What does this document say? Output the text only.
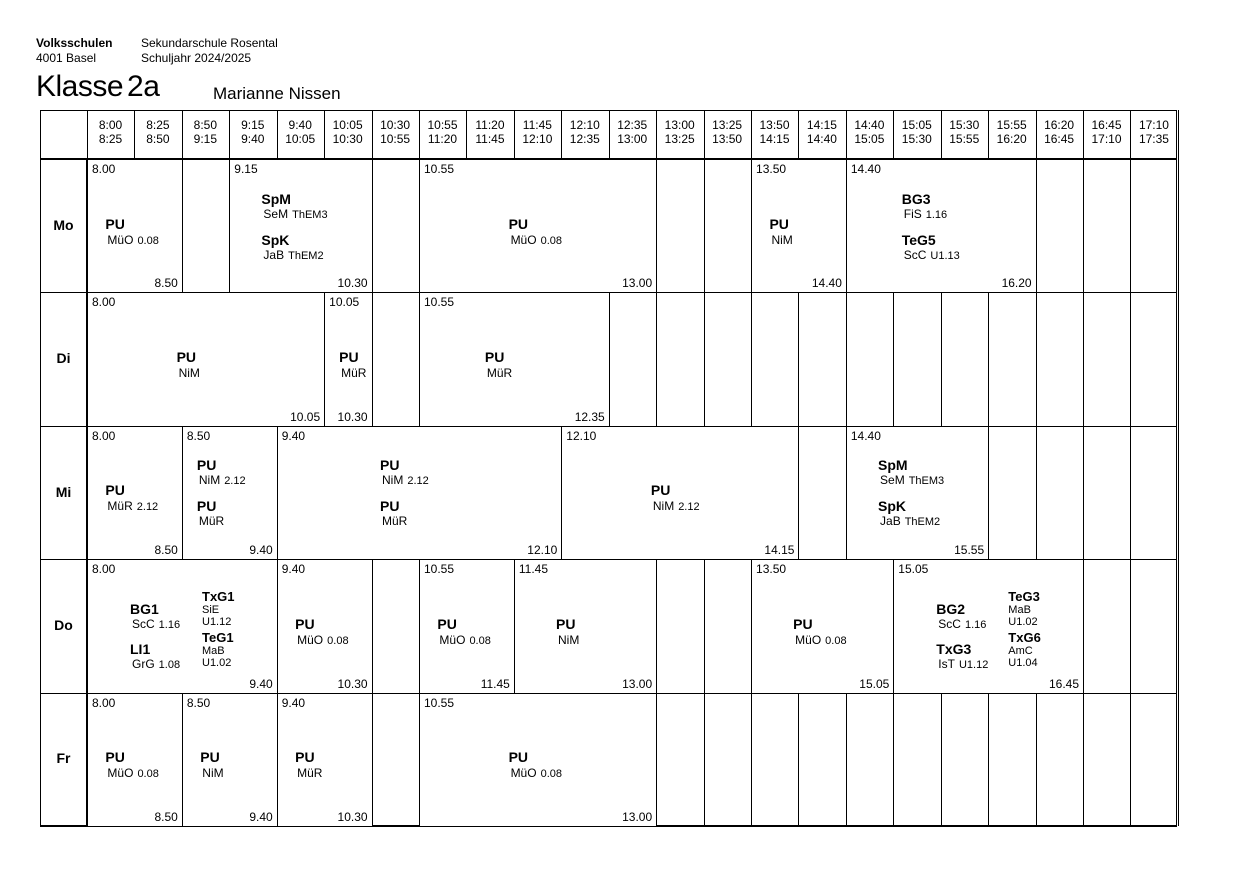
Volksschulen
4001 Basel
Sekundarschule Rosental
Schuljahr 2024/2025
Klasse 2a	Marianne Nissen
8:00
8:25
8:25
8:50
8:50
9:15
9:15
9:40
9:40
10:05
10:05
10:30
10:30
10:55
10:55
11:20
11:20
11:45
11:45
12:10
12:10
12:35
12:35
13:00
13:00
13:25
13:25
13:50
13:50
14:15
14:15
14:40
14:40
15:05
15:05
15:30
15:30
15:55
15:55
16:20
16:20
16:45
16:45
17:10
17:10
17:35
Mo
Di
Mi
Do
Fr
8.00
8.50
PU
MüO 0.08
9.15
10.30
SpM
SeM ThEM3
SpK
JaB ThEM2
10.55
13.00
PU
MüO 0.08
13.50
14.40
PU
NiM
14.40
16.20
BG3
FiS 1.16
TeG5
ScC U1.13
8.00
10.05
PU
NiM
10.05
10.30
PU
MüR
10.55
12.35
PU
MüR
8.00
8.50
PU
MüR 2.12
8.50
9.40
PU
NiM 2.12
PU
MüR
9.40
12.10
PU
NiM 2.12
PU
MüR
12.10
14.15
PU
NiM 2.12
14.40
15.55
SpM
SeM ThEM3
SpK
JaB ThEM2
8.00
9.40
BG1
ScC 1.16
LI1
GrG 1.08
TxG1
SiE
U1.12
TeG1
MaB
U1.02
9.40
10.30
PU
MüO 0.08
10.55
11.45
PU
MüO 0.08
11.45
13.00
PU
NiM
13.50
15.05
PU
MüO 0.08
15.05
16.45
BG2
ScC 1.16
TxG3
IsT U1.12
TeG3
MaB
U1.02
TxG6
AmC
U1.04
8.00
8.50
PU
MüO 0.08
8.50
9.40
PU
NiM
9.40
10.30
PU
MüR
10.55
13.00
PU
MüO 0.08
